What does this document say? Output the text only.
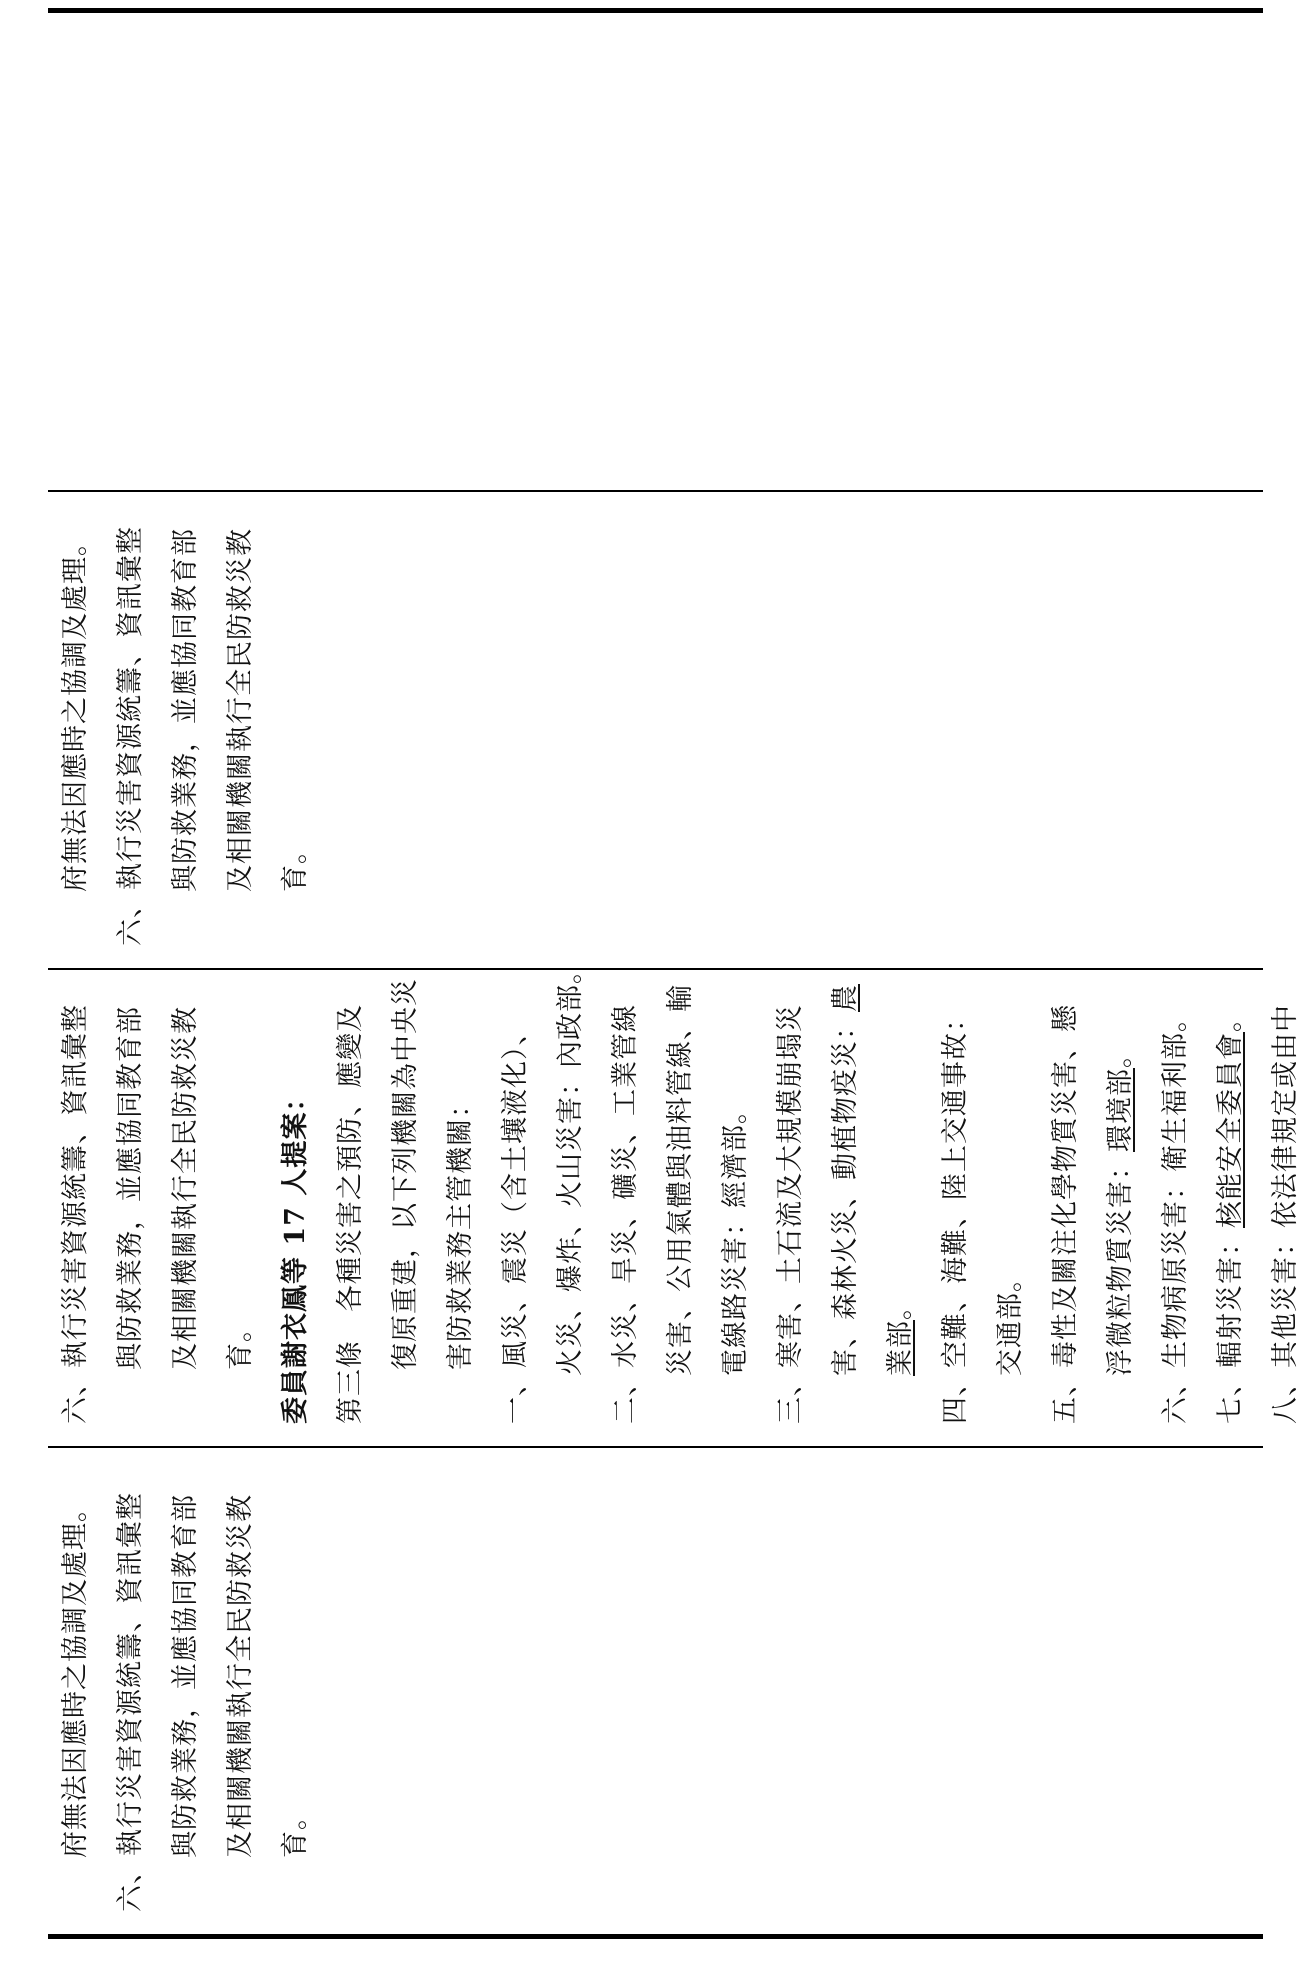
府無法因應時之協調及處理。 六、執行災害資源統籌、資訊彙整 與防救業務，並應協同教育部 及相關機關執行全民防救災教 育。
六、執行災害資源統籌、資訊彙整 與防救業務，並應協同教育部 及相關機關執行全民防救災教 育。 委員謝衣鳯等 17 人提案： 第三條　各種災害之預防、應變及 復原重建，以下列機關為中央災 害防救業務主管機關： 一、風災、震災（含土壤液化）、 火災、爆炸、火山災害：內政部。 二、水災、旱災、礦災、工業管線 災害、公用氣體與油料管線、輸 電線路災害：經濟部。 三、寒害、土石流及大規模崩塌災 害、森林火災、動植物疫災：農
業部。 四、空難、海難、陸上交通事故： 交通部。 五、毒性及關注化學物質災害、懸 浮微粒物質災害：環境部。 六、生物病原災害：衛生福利部。 七、輻射災害：核能安全委員會。 八、其他災害：依法律規定或由中
府無法因應時之協調及處理。 六、執行災害資源統籌、資訊彙整 與防救業務，並應協同教育部 及相關機關執行全民防救災教 育。
